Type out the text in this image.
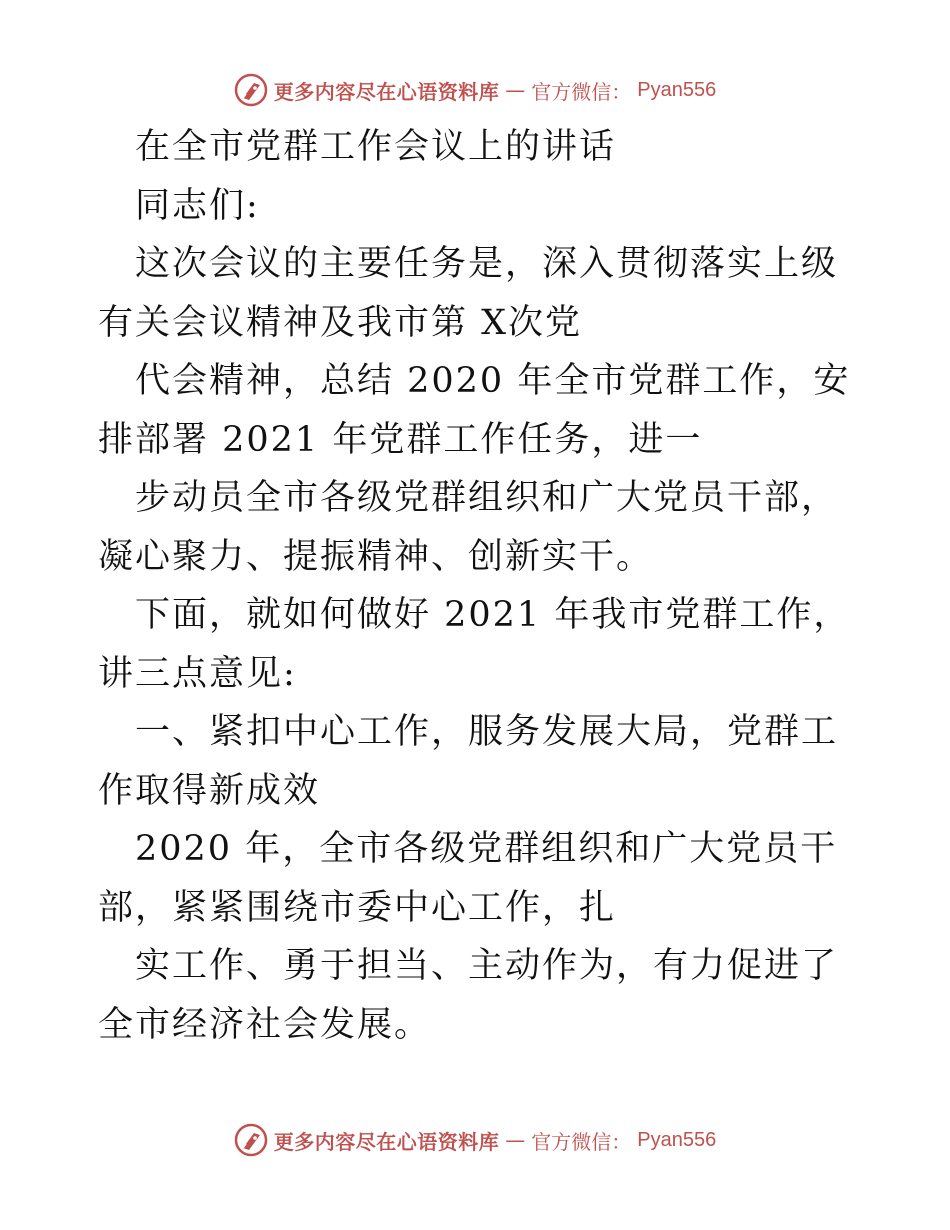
更多内容尽在心语资料库 — 官方微信： Pyan556

在全市党群工作会议上的讲话

同志们:

这次会议的主要任务是，深入贯彻落实上级有关会议精神及我市第 X次党

代会精神，总结 2020 年全市党群工作，安排部署 2021 年党群工作任务，进一

步动员全市各级党群组织和广大党员干部，凝心聚力、提振精神、创新实干。

下面，就如何做好 2021 年我市党群工作，讲三点意见:

一、紧扣中心工作，服务发展大局，党群工作取得新成效

2020 年，全市各级党群组织和广大党员干部，紧紧围绕市委中心工作，扎

实工作、勇于担当、主动作为，有力促进了全市经济社会发展。

更多内容尽在心语资料库 — 官方微信： Pyan556
